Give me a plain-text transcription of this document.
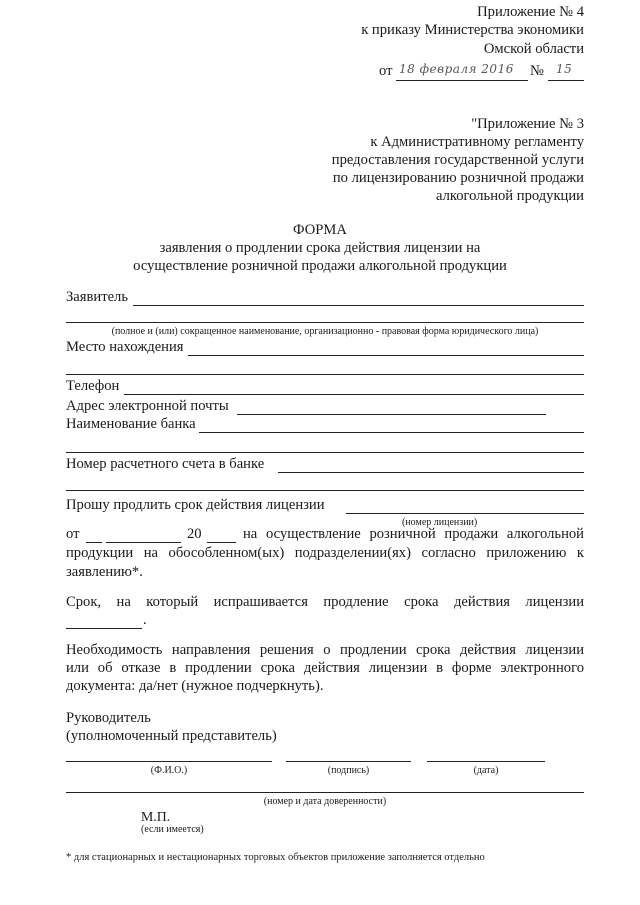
Приложение № 4
к приказу Министерства экономики
Омской области
от 18 февраля 2016 № 15
"Приложение № 3
к Административному регламенту
предоставления государственной услуги
по лицензированию розничной продажи
алкогольной продукции
ФОРМА
заявления о продлении срока действия лицензии на
осуществление розничной продажи алкогольной продукции
Заявитель
(полное и (или) сокращенное наименование, организационно - правовая форма юридического лица)
Место нахождения
Телефон
Адрес электронной почты
Наименование банка
Номер расчетного счета в банке
Прошу продлить срок действия лицензии
(номер лицензии)
от	20	на осуществление розничной продажи алкогольной
продукции на обособленном(ых) подразделении(ях) согласно приложению к
заявлению*.
Срок, на который испрашивается продление срока действия лицензии
.
Необходимость направления решения о продлении срока действия лицензии
или об отказе в продлении срока действия лицензии в форме электронного
документа: да/нет (нужное подчеркнуть).
Руководитель
(уполномоченный представитель)
(Ф.И.О.)	(подпись)	(дата)
(номер и дата доверенности)
М.П.
(если имеется)
* для стационарных и нестационарных торговых объектов приложение заполняется отдельно
